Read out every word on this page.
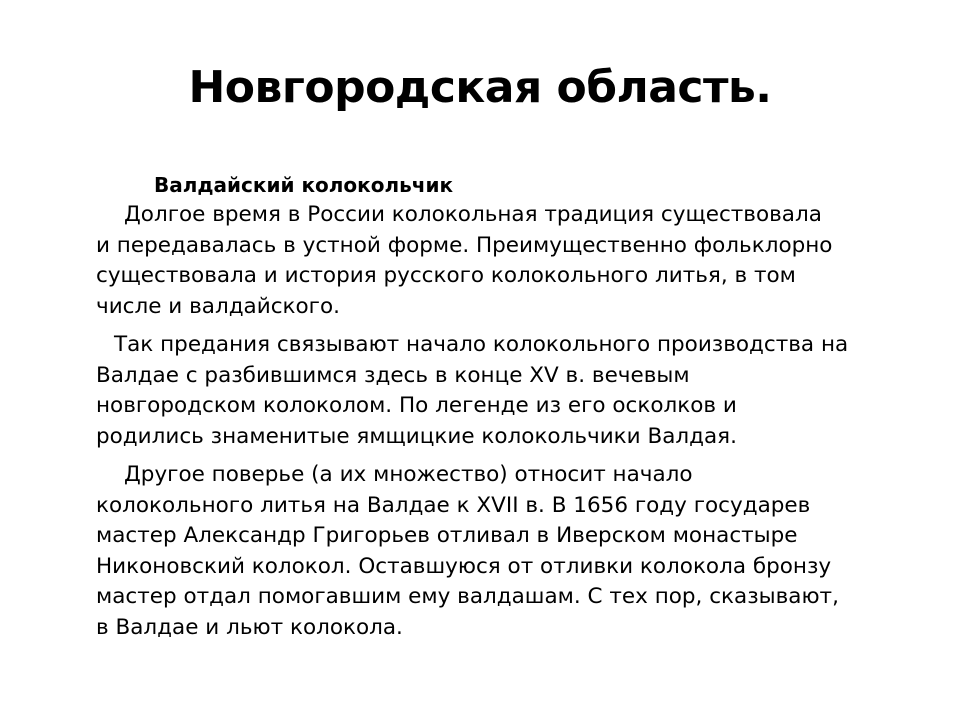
Новгородская область.

Валдайский колокольчик

Долгое время в России колокольная традиция существовала
и передавалась в устной форме. Преимущественно фольклорно
существовала и история русского колокольного литья, в том
числе и валдайского.

Так предания связывают начало колокольного производства на
Валдае с разбившимся здесь в конце XV в. вечевым
новгородском колоколом. По легенде из его осколков и
родились знаменитые ямщицкие колокольчики Валдая.

Другое поверье (а их множество) относит начало
колокольного литья на Валдае к XVII в. В 1656 году государев
мастер Александр Григорьев отливал в Иверском монастыре
Никоновский колокол. Оставшуюся от отливки колокола бронзу
мастер отдал помогавшим ему валдашам. С тех пор, сказывают,
в Валдае и льют колокола.
